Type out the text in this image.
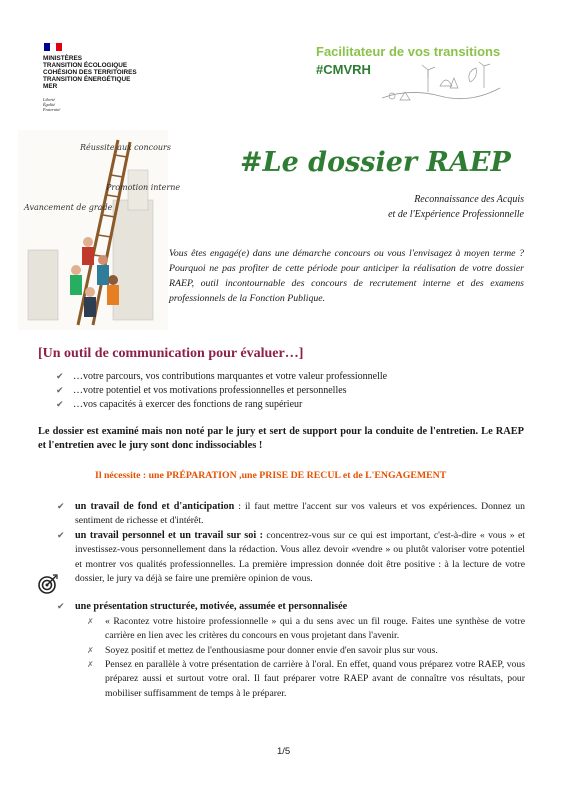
MINISTÈRES
TRANSITION ÉCOLOGIQUE
COHÉSION DES TERRITOIRES
TRANSITION ÉNERGÉTIQUE
MER
Liberté
Égalité
Fraternité
Facilitateur de vos transitions
#CMVRH
Réussite aux concours
Promotion interne
Avancement de grade
#Le dossier RAEP
Reconnaissance des Acquis
et de l'Expérience Professionnelle
Vous êtes engagé(e) dans une démarche concours ou vous l'envisagez à moyen terme ? Pourquoi ne pas profiter de cette période pour anticiper la réalisation de votre dossier RAEP, outil incontournable des concours de recrutement interne et des examens professionnels de la Fonction Publique.
[Un outil de communication pour évaluer…]
✔ …votre parcours, vos contributions marquantes et votre valeur professionnelle
✔ …votre potentiel et vos motivations professionnelles et personnelles
✔ …vos capacités à exercer des fonctions de rang supérieur
Le dossier est examiné mais non noté par le jury et sert de support pour la conduite de l'entretien. Le RAEP et l'entretien avec le jury sont donc indissociables !
Il nécessite : une PRÉPARATION ,une PRISE DE RECUL et de L'ENGAGEMENT
✔	un travail de fond et d'anticipation : il faut mettre l'accent sur vos valeurs et vos expériences. Donnez un sentiment de richesse et d'intérêt.
✔	un travail personnel et un travail sur soi : concentrez-vous sur ce qui est important, c'est-à-dire « vous » et investissez-vous personnellement dans la rédaction. Vous allez devoir «vendre » ou plutôt valoriser votre potentiel et montrer vos qualités professionnelles. La première impression donnée doit être positive : à la lecture de votre dossier, le jury va déjà se faire une première opinion de vous.
✔	une présentation structurée, motivée, assumée et personnalisée
✗	« Racontez votre histoire professionnelle » qui a du sens avec un fil rouge. Faites une synthèse de votre carrière en lien avec les critères du concours en vous projetant dans l'avenir.
✗	Soyez positif et mettez de l'enthousiasme pour donner envie d'en savoir plus sur vous.
✗	Pensez en parallèle à votre présentation de carrière à l'oral. En effet, quand vous préparez votre RAEP, vous préparez aussi et surtout votre oral. Il faut préparer votre RAEP avant de connaître vos résultats, pour mobiliser suffisamment de temps à le préparer.
1/5
